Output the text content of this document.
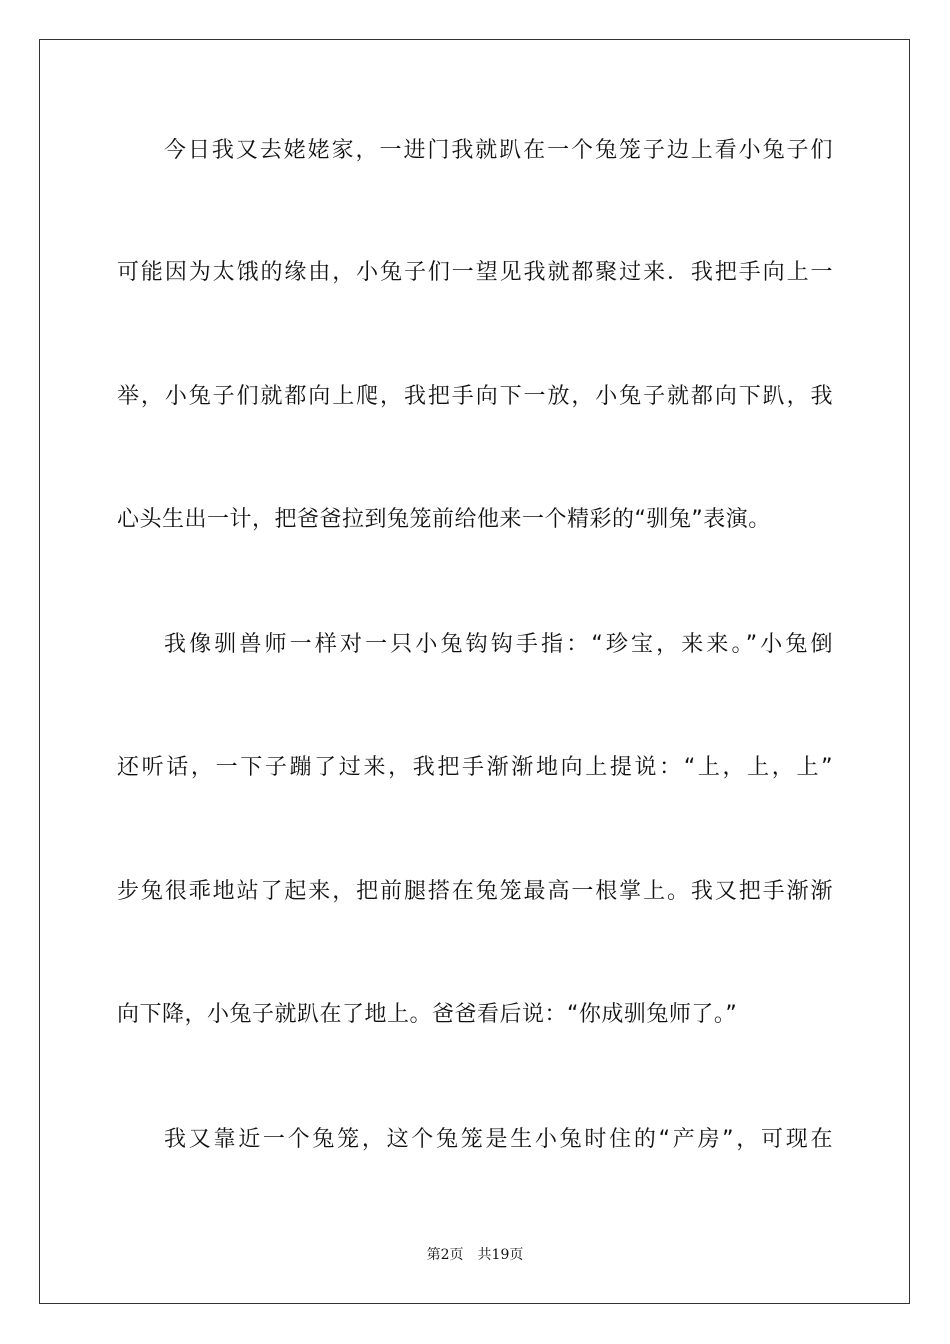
今日我又去姥姥家，一进门我就趴在一个兔笼子边上看小兔子们
可能因为太饿的缘由，小兔子们一望见我就都聚过来．我把手向上一
举，小兔子们就都向上爬，我把手向下一放，小兔子就都向下趴，我
心头生出一计，把爸爸拉到兔笼前给他来一个精彩的“驯兔”表演。
我像驯兽师一样对一只小兔钩钩手指：“珍宝，来来。”小兔倒
还听话，一下子蹦了过来，我把手渐渐地向上提说：“上，上，上”
步兔很乖地站了起来，把前腿搭在兔笼最高一根掌上。我又把手渐渐
向下降，小兔子就趴在了地上。爸爸看后说：“你成驯兔师了。”
我又靠近一个兔笼，这个兔笼是生小兔时住的“产房”，可现在
第2页　共19页
